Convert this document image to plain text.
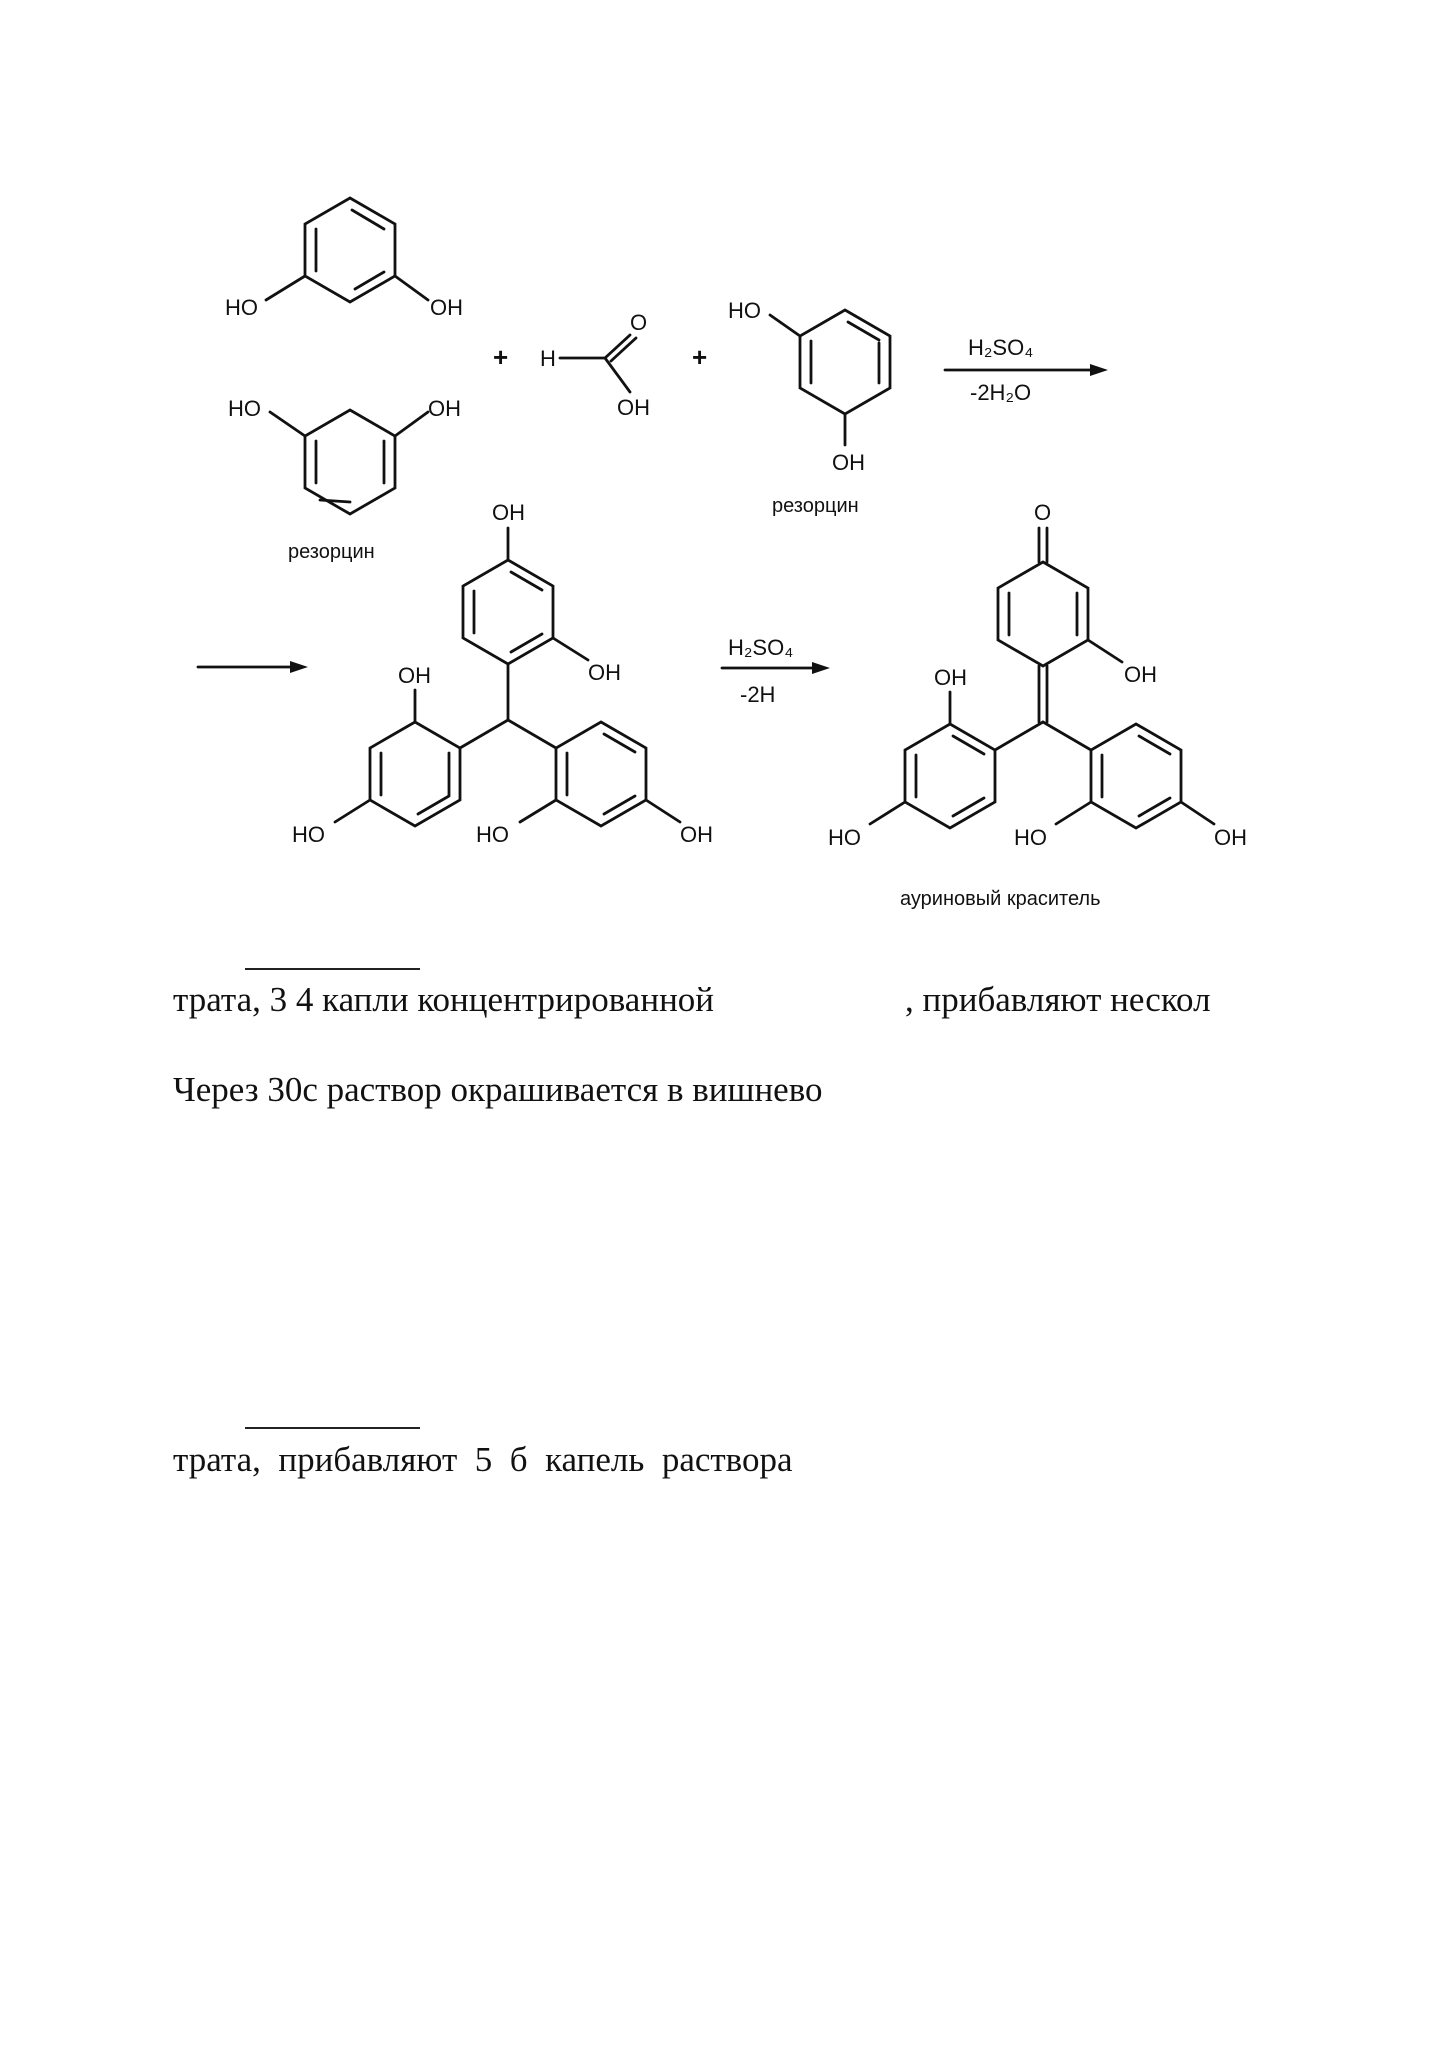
HO	OH
HO	OH
резорцин
+ H
O
OH
+
HO
OH
резорцин
H₂SO₄
-2H₂O
OH
OH
OH
HO	HO	OH
H₂SO₄
-2H
O
OH
OH
HO	HO	OH
ауриновый краситель
трата, 3 4 капли концентрированной	, прибавляют нескол
Через 30с раствор окрашивается в вишнево
трата,  прибавляют  5  б  капель  раствора
